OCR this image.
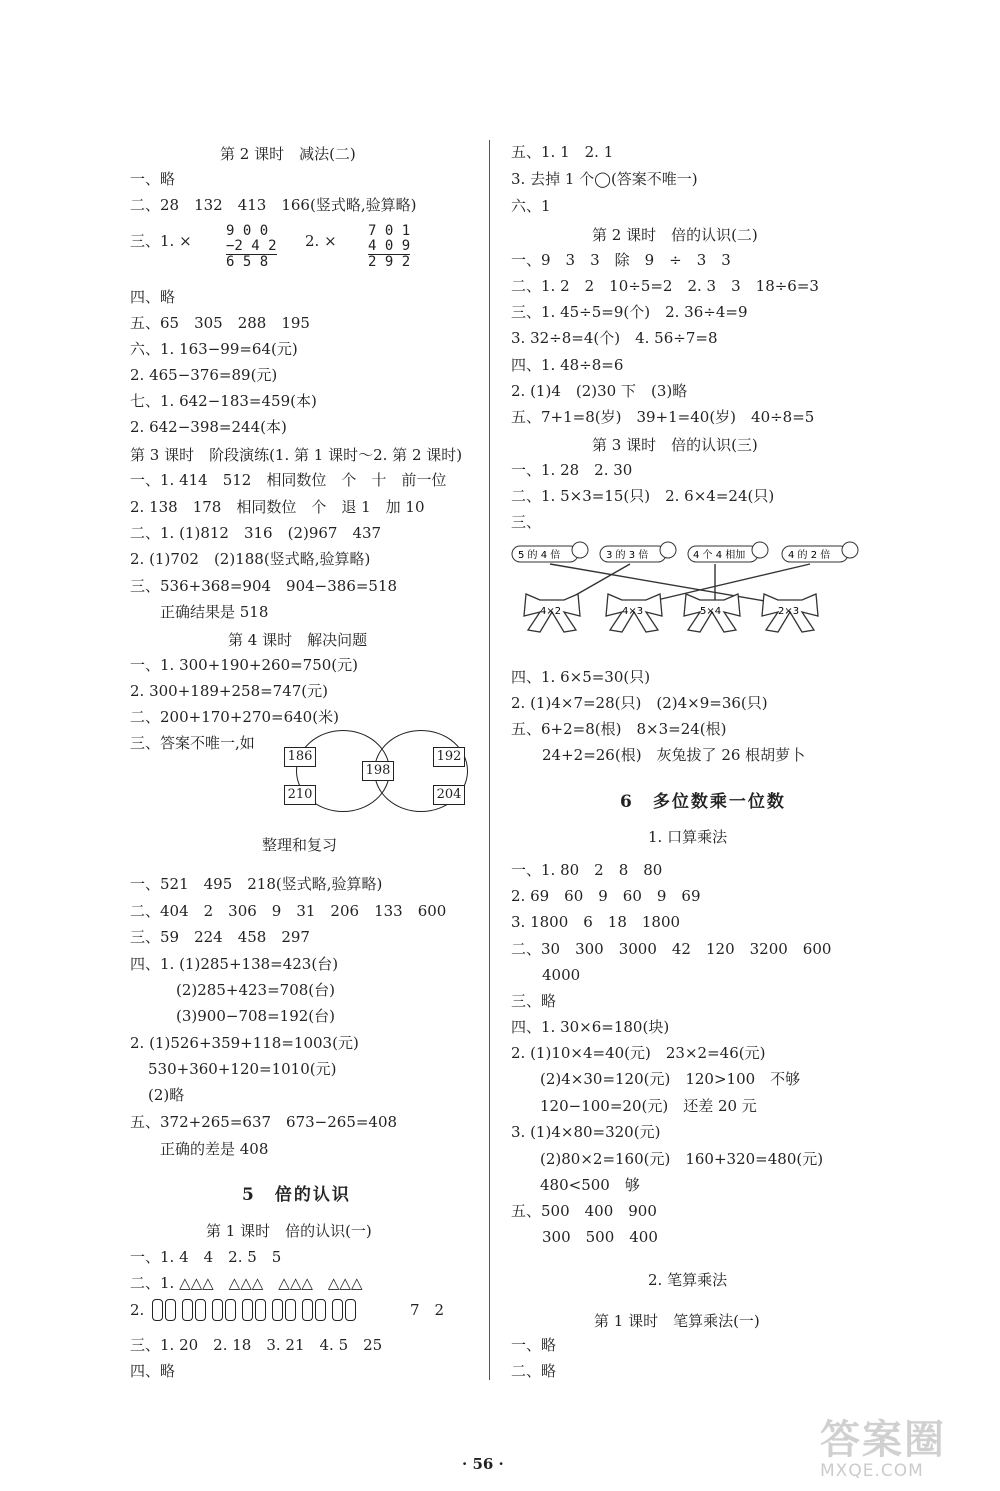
第 2 课时　减法(二)
一、略
二、28　132　413　166(竖式略,验算略)
三、1. ×
9 0 0
−2 4 2
6 5 8
2. ×
7 0 1
4 0 9
2 9 2
四、略
五、65　305　288　195
六、1. 163−99=64(元)
2. 465−376=89(元)
七、1. 642−183=459(本)
2. 642−398=244(本)
第 3 课时　阶段演练(1. 第 1 课时～2. 第 2 课时)
一、1. 414　512　相同数位　个　十　前一位
2. 138　178　相同数位　个　退 1　加 10
二、1. (1)812　316　(2)967　437
2. (1)702　(2)188(竖式略,验算略)
三、536+368=904　904−386=518
正确结果是 518
第 4 课时　解决问题
一、1. 300+190+260=750(元)
2. 300+189+258=747(元)
二、200+170+270=640(米)
三、答案不唯一,如
186
198
192
210	204
整理和复习
一、521　495　218(竖式略,验算略)
二、404　2　306　9　31　206　133　600
三、59　224　458　297
四、1. (1)285+138=423(台)
(2)285+423=708(台)
(3)900−708=192(台)
2. (1)526+359+118=1003(元)
530+360+120=1010(元)
(2)略
五、372+265=637　673−265=408
正确的差是 408
5　倍的认识
第 1 课时　倍的认识(一)
一、1. 4　4　2. 5　5
二、1. △△△　△△△　△△△　△△△
2.	7　2
三、1. 20　2. 18　3. 21　4. 5　25
四、略
五、1. 1　2. 1
3. 去掉 1 个◯(答案不唯一)
六、1
第 2 课时　倍的认识(二)
一、9　3　3　除　9　÷　3　3
二、1. 2　2　10÷5=2　2. 3　3　18÷6=3
三、1. 45÷5=9(个)　2. 36÷4=9
3. 32÷8=4(个)　4. 56÷7=8
四、1. 48÷8=6
2. (1)4　(2)30 下　(3)略
五、7+1=8(岁)　39+1=40(岁)　40÷8=5
第 3 课时　倍的认识(三)
一、1. 28　2. 30
二、1. 5×3=15(只)　2. 6×4=24(只)
三、
5 的 4 倍	3 的 3 倍	4 个 4 相加	4 的 2 倍
4×2	4×3	5×4	2×3
四、1. 6×5=30(只)
2. (1)4×7=28(只)　(2)4×9=36(只)
五、6+2=8(根)　8×3=24(根)
24+2=26(根)　灰兔拔了 26 根胡萝卜
6　多位数乘一位数
1. 口算乘法
一、1. 80　2　8　80
2. 69　60　9　60　9　69
3. 1800　6　18　1800
二、30　300　3000　42　120　3200　600
4000
三、略
四、1. 30×6=180(块)
2. (1)10×4=40(元)　23×2=46(元)
(2)4×30=120(元)　120>100　不够
120−100=20(元)　还差 20 元
3. (1)4×80=320(元)
(2)80×2=160(元)　160+320=480(元)
480<500　够
五、500　400　900
300　500　400
2. 笔算乘法
第 1 课时　笔算乘法(一)
一、略
二、略
· 56 ·
答案圈
MXQE.COM
